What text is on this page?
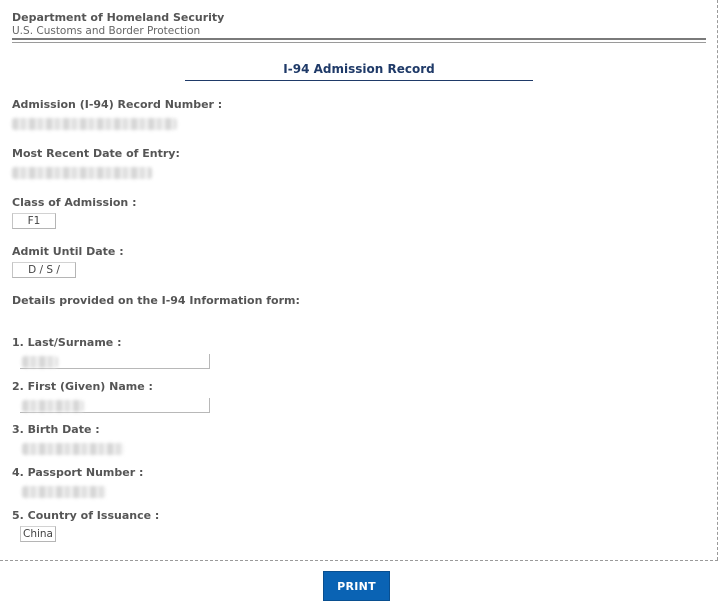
Department of Homeland Security
U.S. Customs and Border Protection
I-94 Admission Record
Admission (I-94) Record Number :
Most Recent Date of Entry:
Class of Admission :
F1
Admit Until Date :
D / S /
Details provided on the I-94 Information form:
1. Last/Surname :
2. First (Given) Name :
3. Birth Date :
4. Passport Number :
5. Country of Issuance :
China
PRINT
